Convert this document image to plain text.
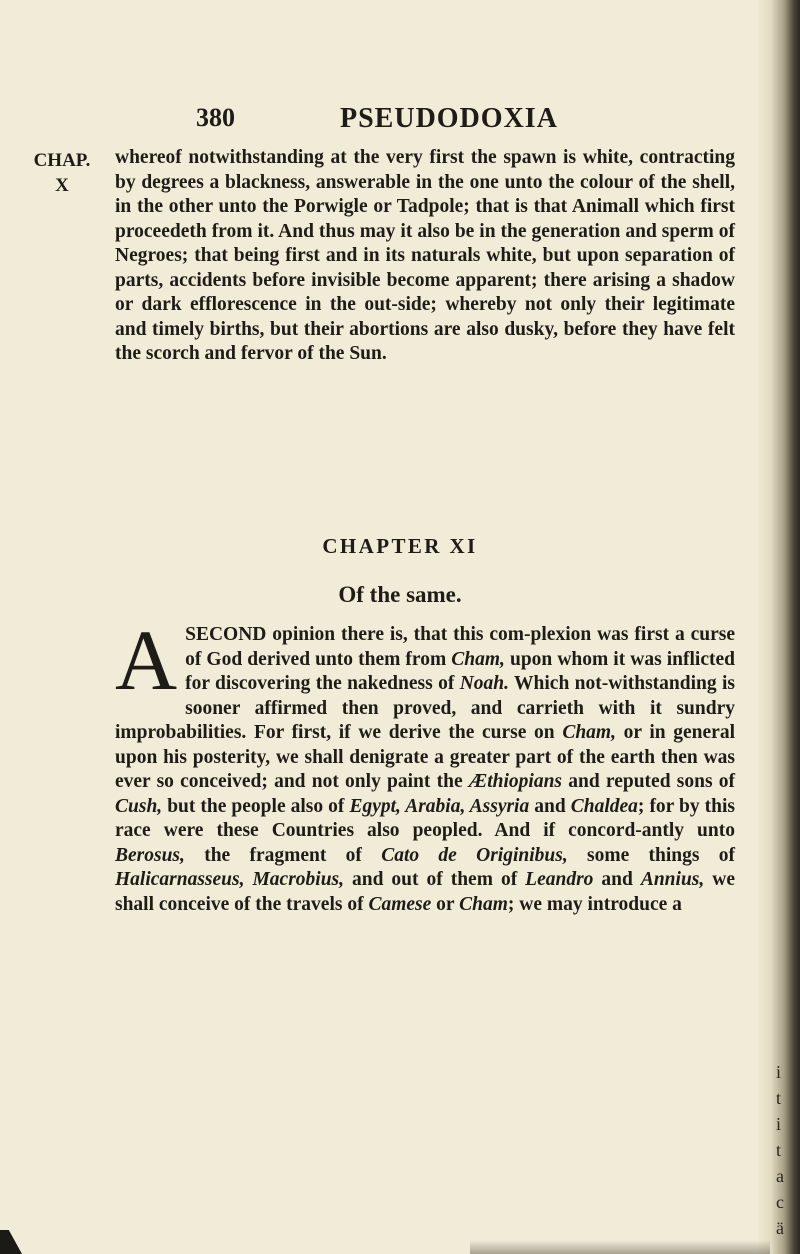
380	PSEUDODOXIA
CHAP.
X
whereof notwithstanding at the very first the spawn is white, contracting by degrees a blackness, answerable in the one unto the colour of the shell, in the other unto the Porwigle or Tadpole; that is that Animall which first proceedeth from it. And thus may it also be in the generation and sperm of Negroes; that being first and in its naturals white, but upon separation of parts, accidents before invisible become apparent; there arising a shadow or dark efflorescence in the out-side; whereby not only their legitimate and timely births, but their abortions are also dusky, before they have felt the scorch and fervor of the Sun.
CHAPTER XI
Of the same.
ASECOND opinion there is, that this com-plexion was first a curse of God derived unto them from Cham, upon whom it was inflicted for discovering the nakedness of Noah. Which not-withstanding is sooner affirmed then proved, and carrieth with it sundry improbabilities. For first, if we derive the curse on Cham, or in general upon his posterity, we shall denigrate a greater part of the earth then was ever so conceived; and not only paint the Æthiopians and reputed sons of Cush, but the people also of Egypt, Arabia, Assyria and Chaldea; for by this race were these Countries also peopled. And if concord-antly unto Berosus, the fragment of Cato de Originibus, some things of Halicarnasseus, Macrobius, and out of them of Leandro and Annius, we shall conceive of the travels of Camese or Cham; we may introduce a
i
t
i
t
a
c
ä
